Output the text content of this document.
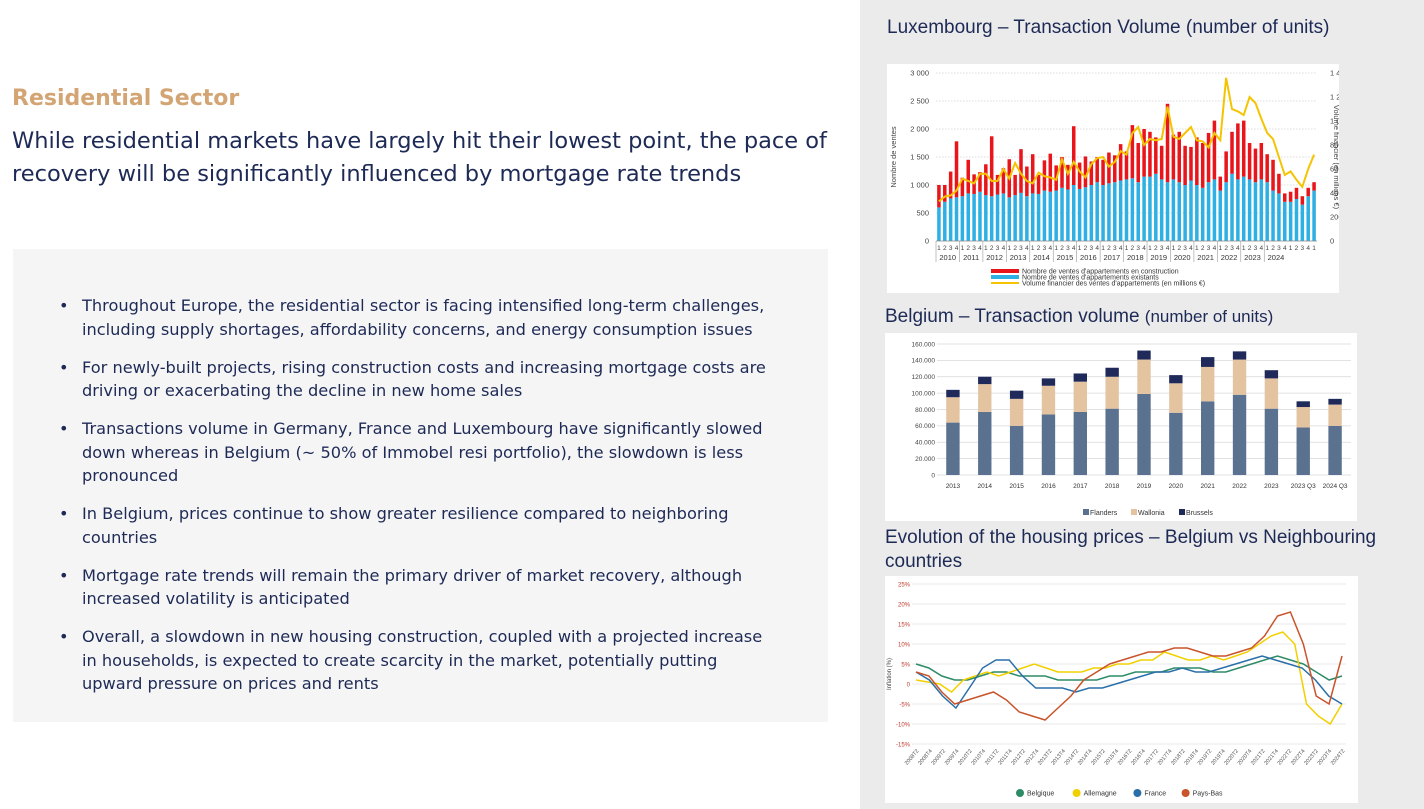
Residential Sector
While residential markets have largely hit their lowest point, the pace of recovery will be significantly influenced by mortgage rate trends
• Throughout Europe, the residential sector is facing intensified long-term challenges, including supply shortages, affordability concerns, and energy consumption issues
• For newly-built projects, rising construction costs and increasing mortgage costs are driving or exacerbating the decline in new home sales
• Transactions volume in Germany, France and Luxembourg have significantly slowed down whereas in Belgium (~ 50% of Immobel resi portfolio), the slowdown is less pronounced
• In Belgium, prices continue to show greater resilience compared to neighboring countries
• Mortgage rate trends will remain the primary driver of market recovery, although increased volatility is anticipated
• Overall, a slowdown in new housing construction, coupled with a projected increase in households, is expected to create scarcity in the market, potentially putting upward pressure on prices and rents
Luxembourg – Transaction Volume (number of units)
0
500
1 000
1 500
2 000
2 500
3 000
0
20
40
60
80
1 0
1 2
1 4
Nombre de ventes
Volume financier (en millions €)
1 2 3 4 1 2 3 4 1 2 3 4 1 2 3 4 1 2 3 4 1 2 3 4 1 2 3 4 1 2 3 4 1 2 3 4 1 2 3 4 1 2 3 4 1 2 3 4 1 2 3 4 1 2 3 4 1 2 3 4 1 2 3 4 1
2010 2011 2012 2013 2014 2015 2016 2017 2018 2019 2020 2021 2022 2023 2024
Nombre de ventes d'appartements en construction
Nombre de ventes d'appartements existants
Volume financier des ventes d'appartements (en millions €)
Belgium – Transaction volume (number of units)
0
20.000
40.000
60.000
80.000
100.000
120.000
140.000
160.000
2013	2014	2015	2016	2017	2018	2019	2020	2021	2022	2023 2023 Q3 2024 Q3
Flanders	Wallonia	Brussels
Evolution of the housing prices – Belgium vs Neighbouring countries
-15%
-10%
-5%
0
5%
10%
15%
20%
25%
Inflation (%)
2008T2
2008T4
2009T2
2009T4
2010T2
2010T4
2011T2
2011T4
2012T2
2012T4
2013T2
2013T4
2014T2
2014T4
2015T2
2015T4
2016T2
2016T4
2017T2
2017T4
2018T2
2018T4
2019T2
2019T4
2020T2
2020T4
2021T2
2021T4
2022T2
2022T4
2023T2
2023T4
2024T2
Belgique	Allemagne	France	Pays-Bas
